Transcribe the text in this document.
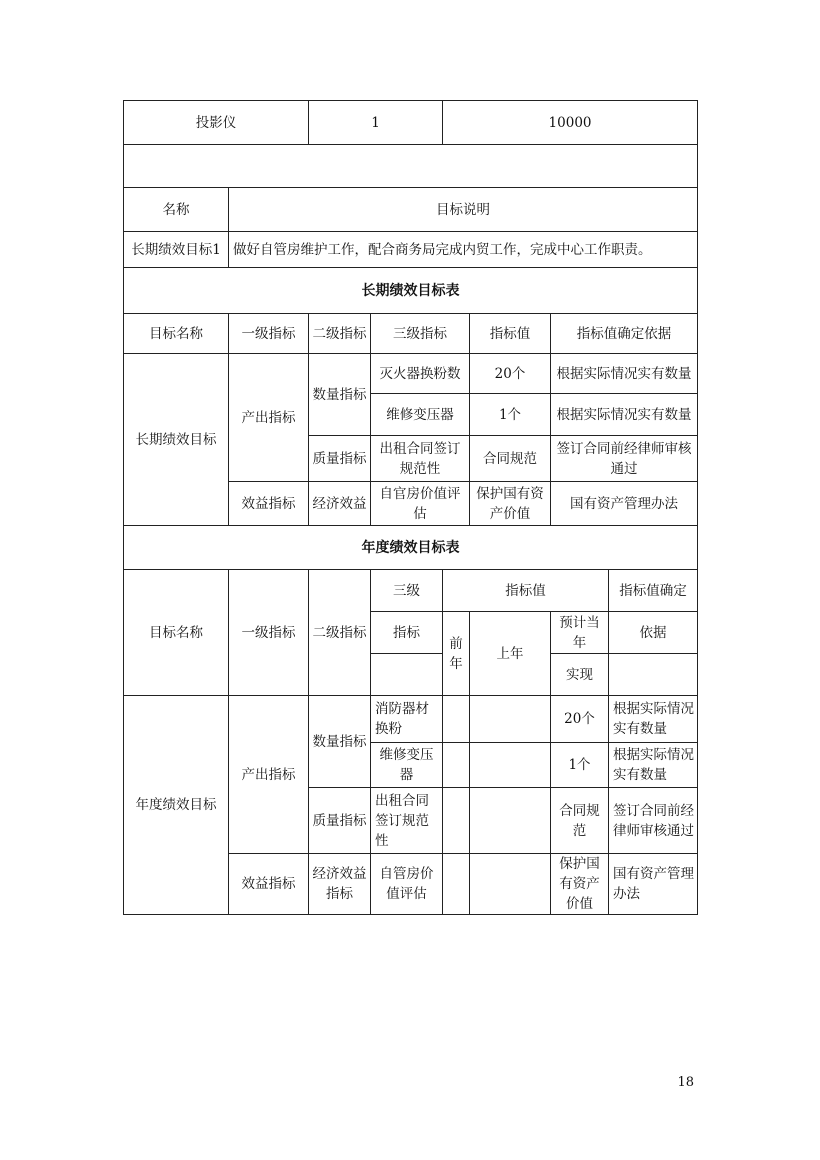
投影仪		1		10000			

名称	目标说明						
长期绩效目标1	做好自管房维护工作，配合商务局完成内贸工作，完成中心工作职责。						
长期绩效目标表							
目标名称	一级指标	二级指标	三级指标		指标值	指标值确定依据	
长期绩效目标	产出指标	数量指标	灭火器换粉数		20个	根据实际情况实有数量	
			维修变压器		1个	根据实际情况实有数量	
		质量指标	出租合同签订规范性		合同规范	签订合同前经律师审核通过	
	效益指标	经济效益	自官房价值评估		保护国有资产价值	国有资产管理办法	
年度绩效目标表							
目标名称	一级指标	二级指标	三级	指标值			指标值确定
			指标	前年	上年	预计当年	依据
						实现	
年度绩效目标	产出指标	数量指标	消防器材换粉			20个	根据实际情况实有数量
			维修变压器			1个	根据实际情况实有数量
		质量指标	出租合同签订规范性			合同规范	签订合同前经律师审核通过
	效益指标	经济效益指标	自管房价值评估			保护国有资产价值	国有资产管理办法
18
